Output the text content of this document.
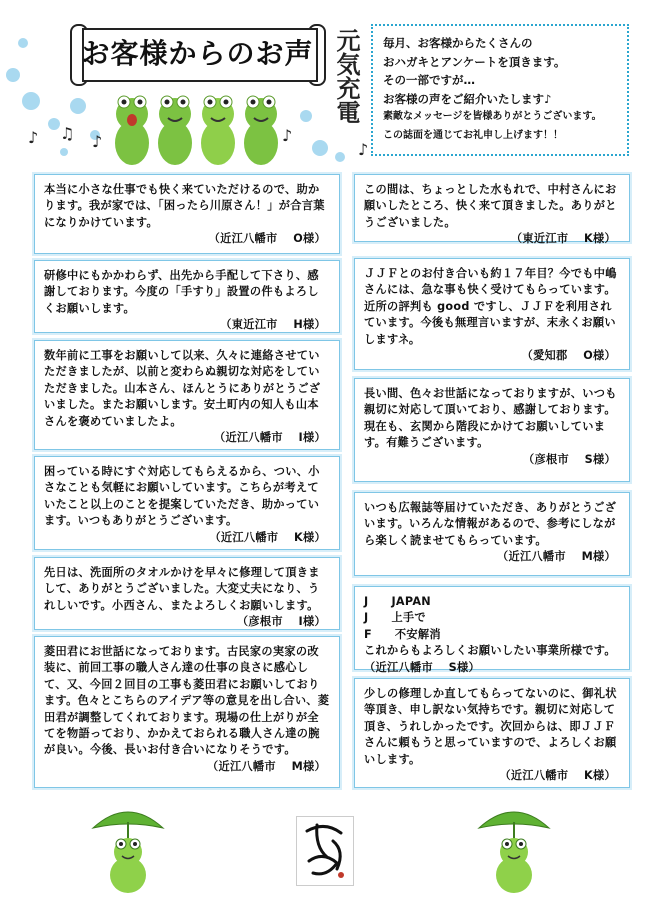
♪ ♫ ♪	♪
♪
お客様からのお声 元気充電 毎月、お客様からたくさんの
おハガキとアンケートを頂きます。
その一部ですが…
お客様の声をご紹介いたします♪
素敵なメッセージを皆様ありがとうございます。
この誌面を通じてお礼申し上げます！！
本当に小さな仕事でも快く来ていただけるので、助かります。我が家では、「困ったら川原さん！」が合言葉になりかけています。
（近江八幡市　 O様）
研修中にもかかわらず、出先から手配して下さり、感謝しております。今度の「手すり」設置の件もよろしくお願いします。
（東近江市　 H様）
数年前に工事をお願いして以来、久々に連絡させていただきましたが、以前と変わらぬ親切な対応をしていただきました。山本さん、ほんとうにありがとうございました。またお願いします。安土町内の知人も山本さんを褒めていましたよ。
（近江八幡市　 I様）
困っている時にすぐ対応してもらえるから、つい、小さなことも気軽にお願いしています。こちらが考えていたこと以上のことを提案していただき、助かっています。いつもありがとうございます。
（近江八幡市　 K様）
先日は、洗面所のタオルかけを早々に修理して頂きまして、ありがとうございました。大変丈夫になり、うれしいです。小西さん、またよろしくお願いします。
（彦根市　 I様）
菱田君にお世話になっております。古民家の実家の改装に、前回工事の職人さん達の仕事の良さに感心して、又、今回２回目の工事も菱田君にお願いしております。色々とこちらのアイデア等の意見を出し合い、菱田君が調整してくれております。現場の仕上がりが全てを物語っており、かかえておられる職人さん達の腕が良い。今後、長いお付き合いになりそうです。
（近江八幡市　 M様）
この間は、ちょっとした水もれで、中村さんにお願いしたところ、快く来て頂きました。ありがとうございました。
（東近江市　 K様）
ＪＪＦとのお付き合いも約１７年目？今でも中嶋さんには、急な事も快く受けてもらっています。近所の評判も good ですし、ＪＪＦを利用されています。今後も無理言いますが、末永くお願いしますネ。
（愛知郡　 O様）
長い間、色々お世話になっておりますが、いつも親切に対応して頂いており、感謝しております。現在も、玄関から階段にかけてお願いしています。有難うございます。
（彦根市　 S様）
いつも広報誌等届けていただき、ありがとうございます。いろんな情報があるので、参考にしながら楽しく読ませてもらっています。
（近江八幡市　 M様）
J　　JAPAN
J　　上手で
F　　不安解消
これからもよろしくお願いしたい事業所様です。 （近江八幡市　 S様）
少しの修理しか直してもらってないのに、御礼状等頂き、申し訳ない気持ちです。親切に対応して頂き、うれしかったです。次回からは、即ＪＪＦさんに頼もうと思っていますので、よろしくお願いします。
（近江八幡市　 K様）
